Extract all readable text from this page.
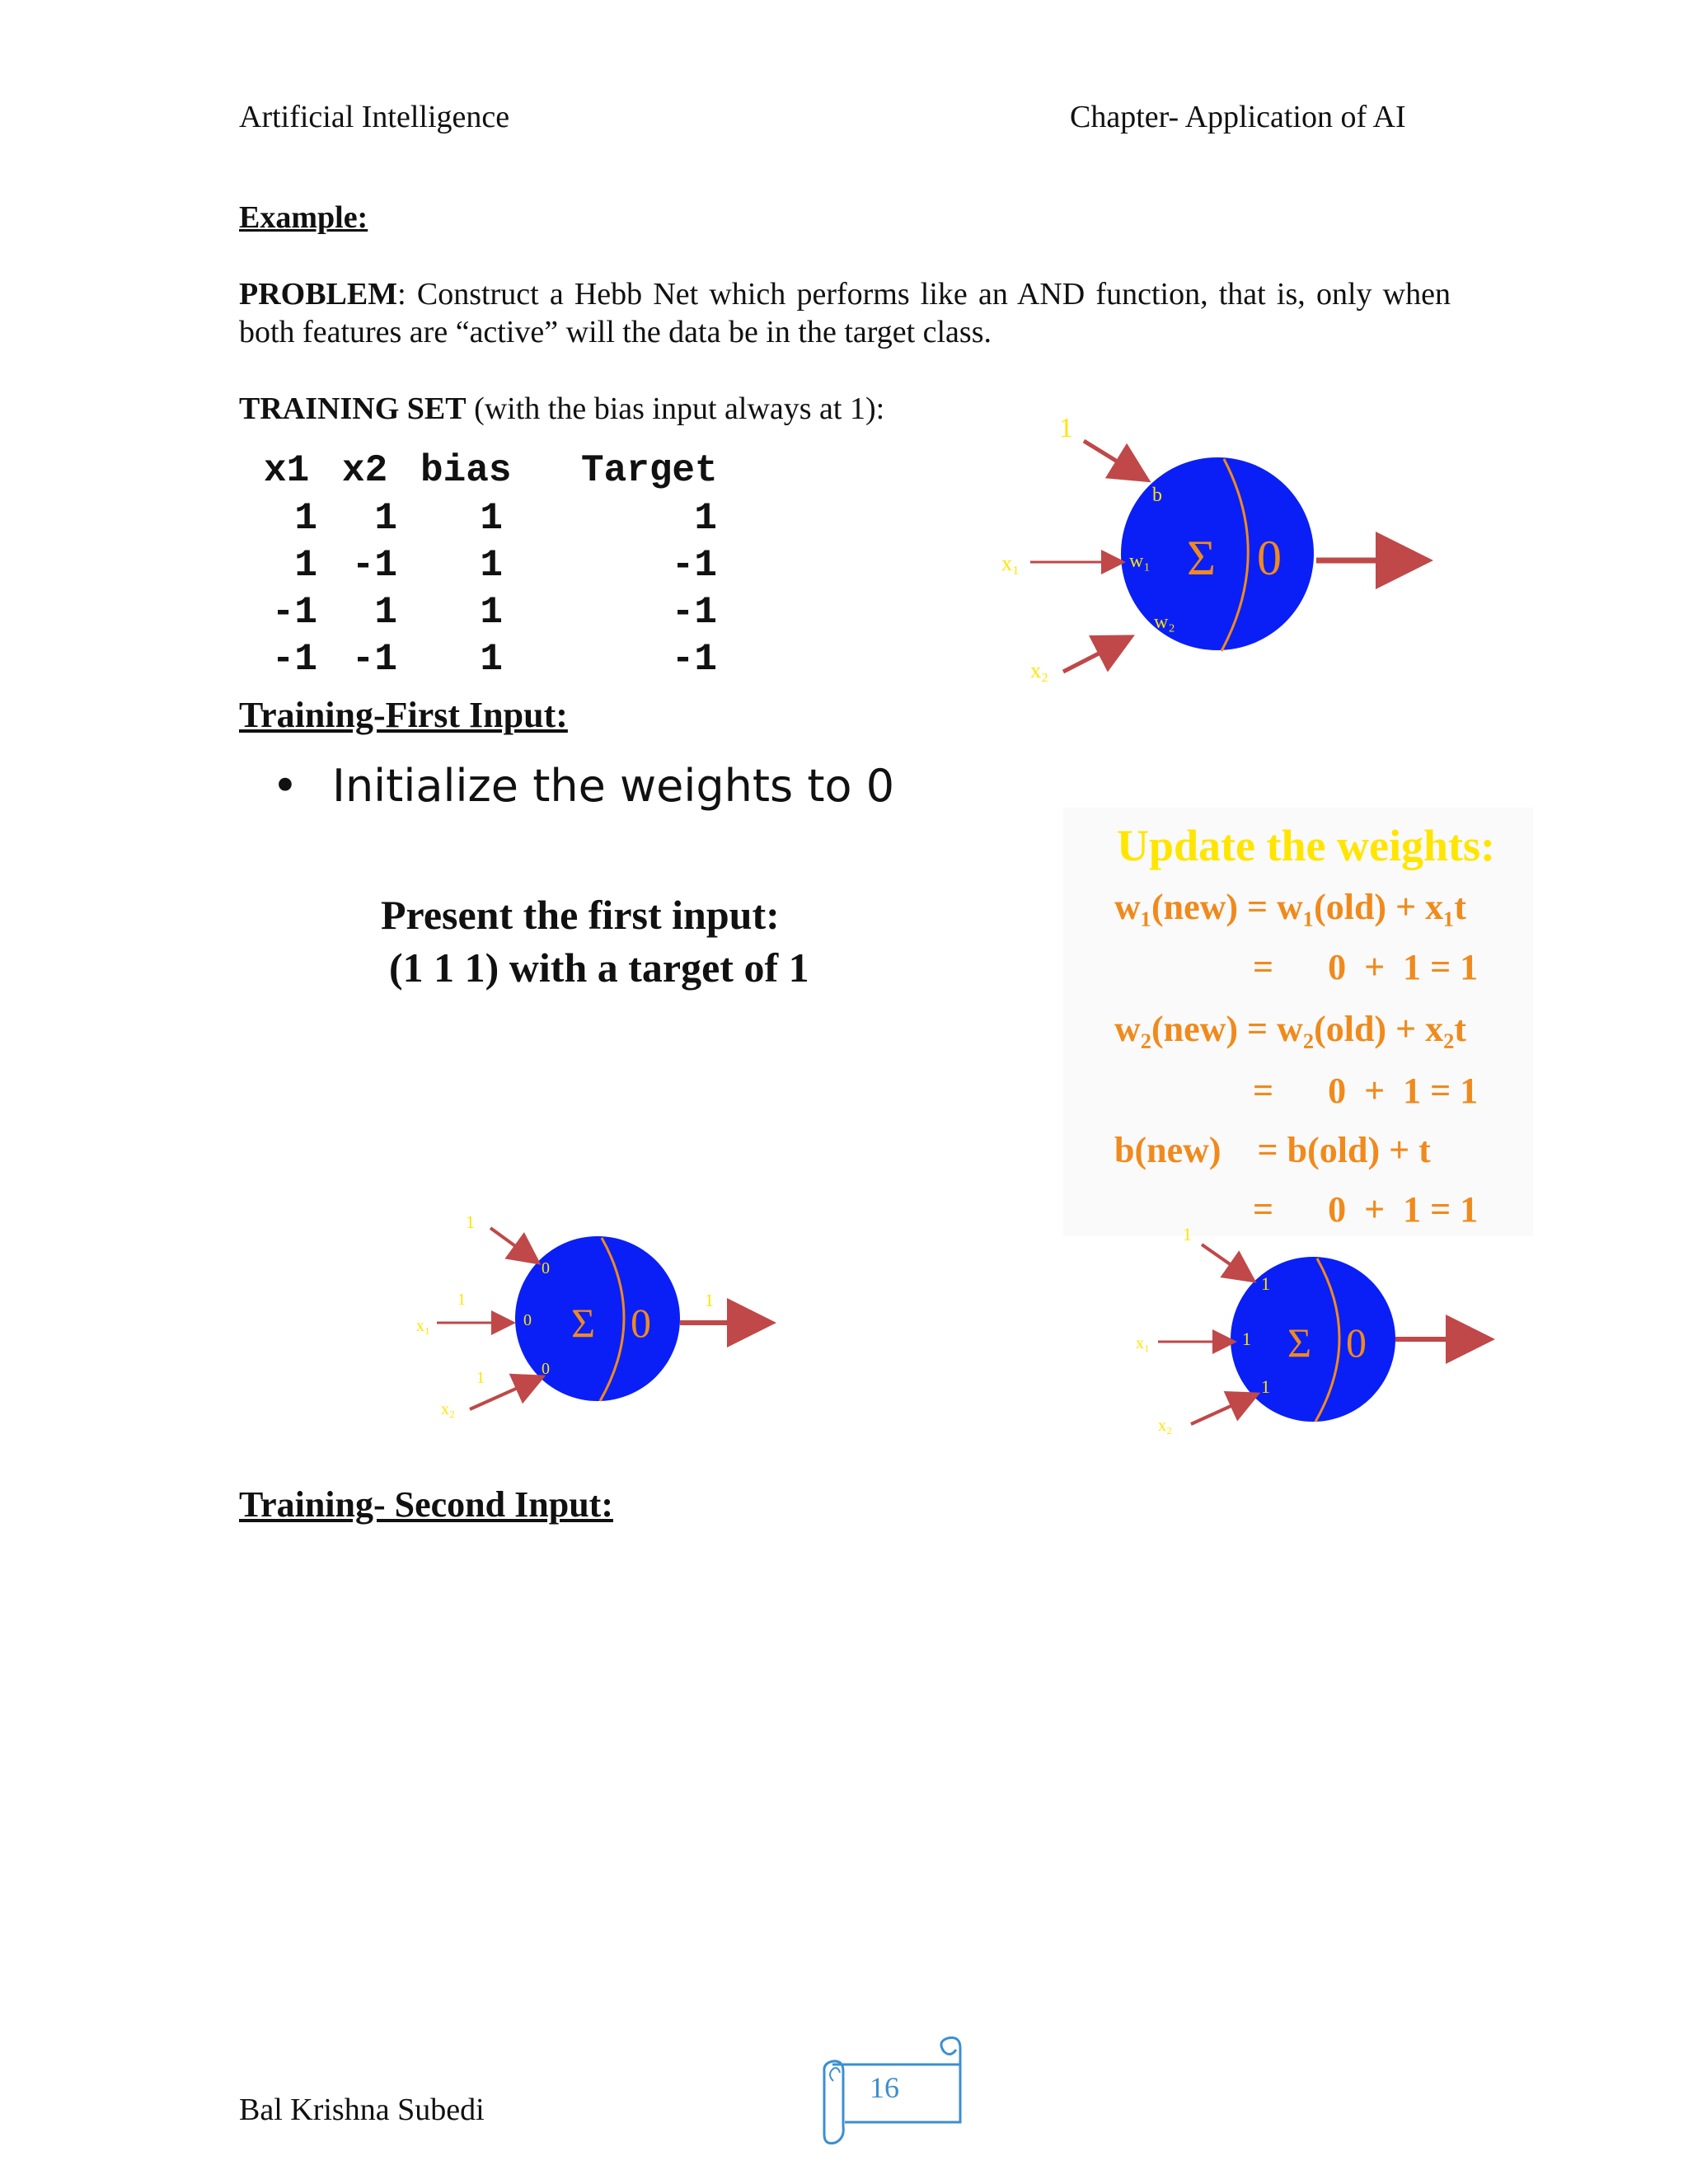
Artificial Intelligence	Chapter- Application of AI
Example:
PROBLEM: Construct a Hebb Net which performs like an AND function, that is, only when both features are “active” will the data be in the target class.
TRAINING SET (with the bias input always at 1):
x1 x2 bias Target
1 1 1	1
1 -1 1	-1
-1 1 1	-1
-1 -1 1	-1
1
x₁
x₂
b
w₁
w₂
Σ 0
Training-First Input:
• Initialize the weights to 0
Present the first input:
(1 1 1) with a target of 1
Update the weights:
w₁(new) = w₁(old) + x₁t
=      0  +  1 = 1
w₂(new) = w₂(old) + x₂t
=      0  +  1 = 1
b(new)    = b(old) + t
=      0  +  1 = 1
1
x₁
1
x₂
1
0
0
0
Σ 0	1
1
x₁
x₂
1
1
1
Σ 0
Training- Second Input:
Bal Krishna Subedi
16
